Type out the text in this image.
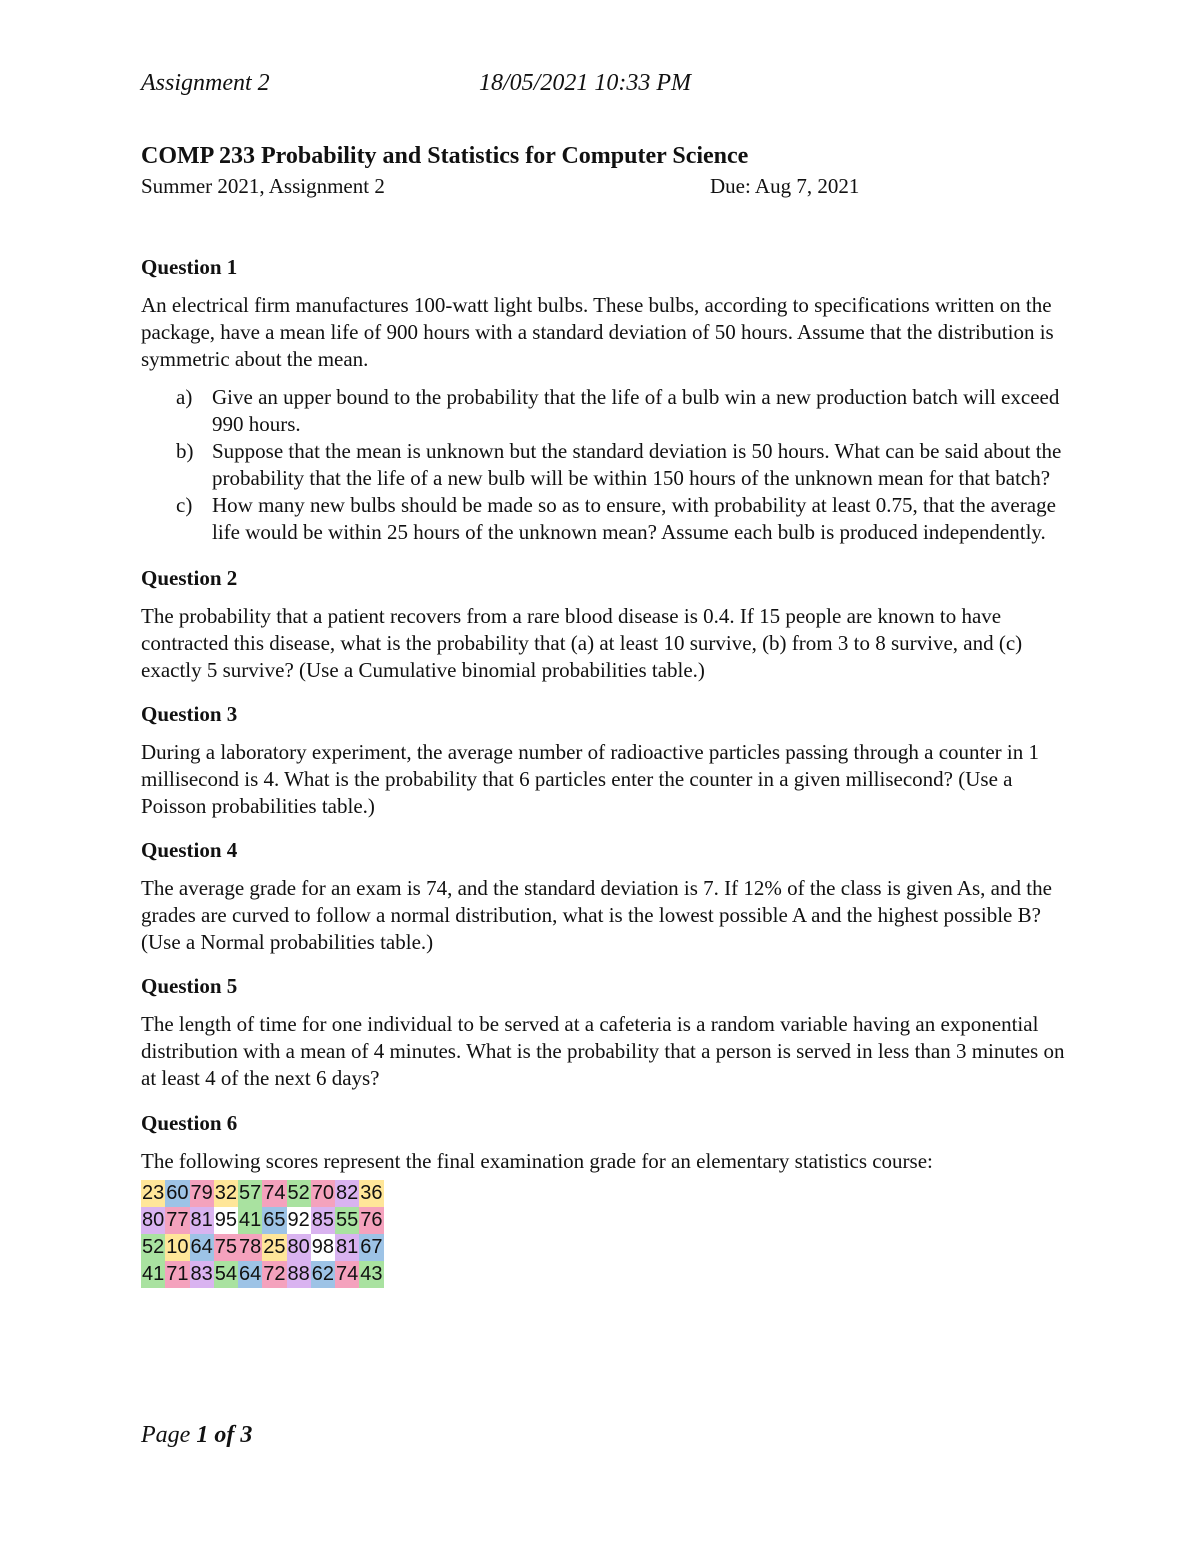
Assignment 2	18/05/2021 10:33 PM
COMP 233 Probability and Statistics for Computer Science
Summer 2021, Assignment 2	Due: Aug 7, 2021

Question 1

An electrical firm manufactures 100-watt light bulbs. These bulbs, according to specifications written on the package, have a mean life of 900 hours with a standard deviation of 50 hours. Assume that the distribution is symmetric about the mean.

a) Give an upper bound to the probability that the life of a bulb win a new production batch will exceed 990 hours.
b) Suppose that the mean is unknown but the standard deviation is 50 hours. What can be said about the probability that the life of a new bulb will be within 150 hours of the unknown mean for that batch?
c) How many new bulbs should be made so as to ensure, with probability at least 0.75, that the average life would be within 25 hours of the unknown mean? Assume each bulb is produced independently.

Question 2

The probability that a patient recovers from a rare blood disease is 0.4. If 15 people are known to have contracted this disease, what is the probability that (a) at least 10 survive, (b) from 3 to 8 survive, and (c) exactly 5 survive? (Use a Cumulative binomial probabilities table.)

Question 3

During a laboratory experiment, the average number of radioactive particles passing through a counter in 1 millisecond is 4. What is the probability that 6 particles enter the counter in a given millisecond? (Use a Poisson probabilities table.)

Question 4

The average grade for an exam is 74, and the standard deviation is 7. If 12% of the class is given As, and the grades are curved to follow a normal distribution, what is the lowest possible A and the highest possible B? (Use a Normal probabilities table.)

Question 5

The length of time for one individual to be served at a cafeteria is a random variable having an exponential distribution with a mean of 4 minutes. What is the probability that a person is served in less than 3 minutes on at least 4 of the next 6 days?

Question 6

The following scores represent the final examination grade for an elementary statistics course:

23 60 79 32 57 74 52 70 82 36
80 77 81 95 41 65 92 85 55 76
52 10 64 75 78 25 80 98 81 67
41 71 83 54 64 72 88 62 74 43
Page 1 of 3
